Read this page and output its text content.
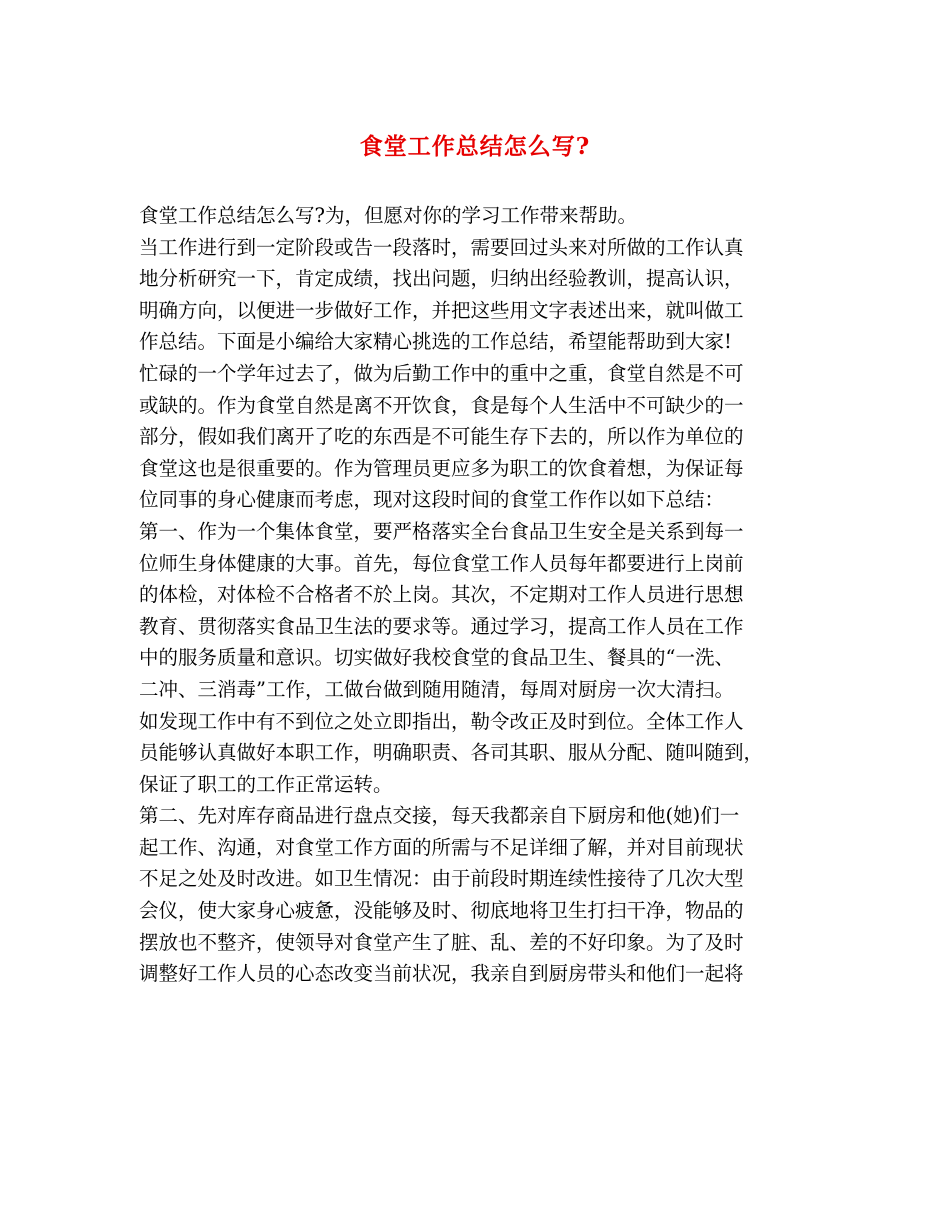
食堂工作总结怎么写?
食堂工作总结怎么写?为，但愿对你的学习工作带来帮助。
当工作进行到一定阶段或告一段落时，需要回过头来对所做的工作认真
地分析研究一下，肯定成绩，找出问题，归纳出经验教训，提高认识，
明确方向，以便进一步做好工作，并把这些用文字表述出来，就叫做工
作总结。下面是小编给大家精心挑选的工作总结，希望能帮助到大家!
忙碌的一个学年过去了，做为后勤工作中的重中之重，食堂自然是不可
或缺的。作为食堂自然是离不开饮食，食是每个人生活中不可缺少的一
部分，假如我们离开了吃的东西是不可能生存下去的，所以作为单位的
食堂这也是很重要的。作为管理员更应多为职工的饮食着想，为保证每
位同事的身心健康而考虑，现对这段时间的食堂工作作以如下总结：
第一、作为一个集体食堂，要严格落实全台食品卫生安全是关系到每一
位师生身体健康的大事。首先，每位食堂工作人员每年都要进行上岗前
的体检，对体检不合格者不於上岗。其次，不定期对工作人员进行思想
教育、贯彻落实食品卫生法的要求等。通过学习，提高工作人员在工作
中的服务质量和意识。切实做好我校食堂的食品卫生、餐具的“一洗、
二冲、三消毒”工作，工做台做到随用随清，每周对厨房一次大清扫。
如发现工作中有不到位之处立即指出，勒令改正及时到位。全体工作人
员能够认真做好本职工作，明确职责、各司其职、服从分配、随叫随到，
保证了职工的工作正常运转。
第二、先对库存商品进行盘点交接，每天我都亲自下厨房和他(她)们一
起工作、沟通，对食堂工作方面的所需与不足详细了解，并对目前现状
不足之处及时改进。如卫生情况：由于前段时期连续性接待了几次大型
会仪，使大家身心疲惫，没能够及时、彻底地将卫生打扫干净，物品的
摆放也不整齐，使领导对食堂产生了脏、乱、差的不好印象。为了及时
调整好工作人员的心态改变当前状况，我亲自到厨房带头和他们一起将
